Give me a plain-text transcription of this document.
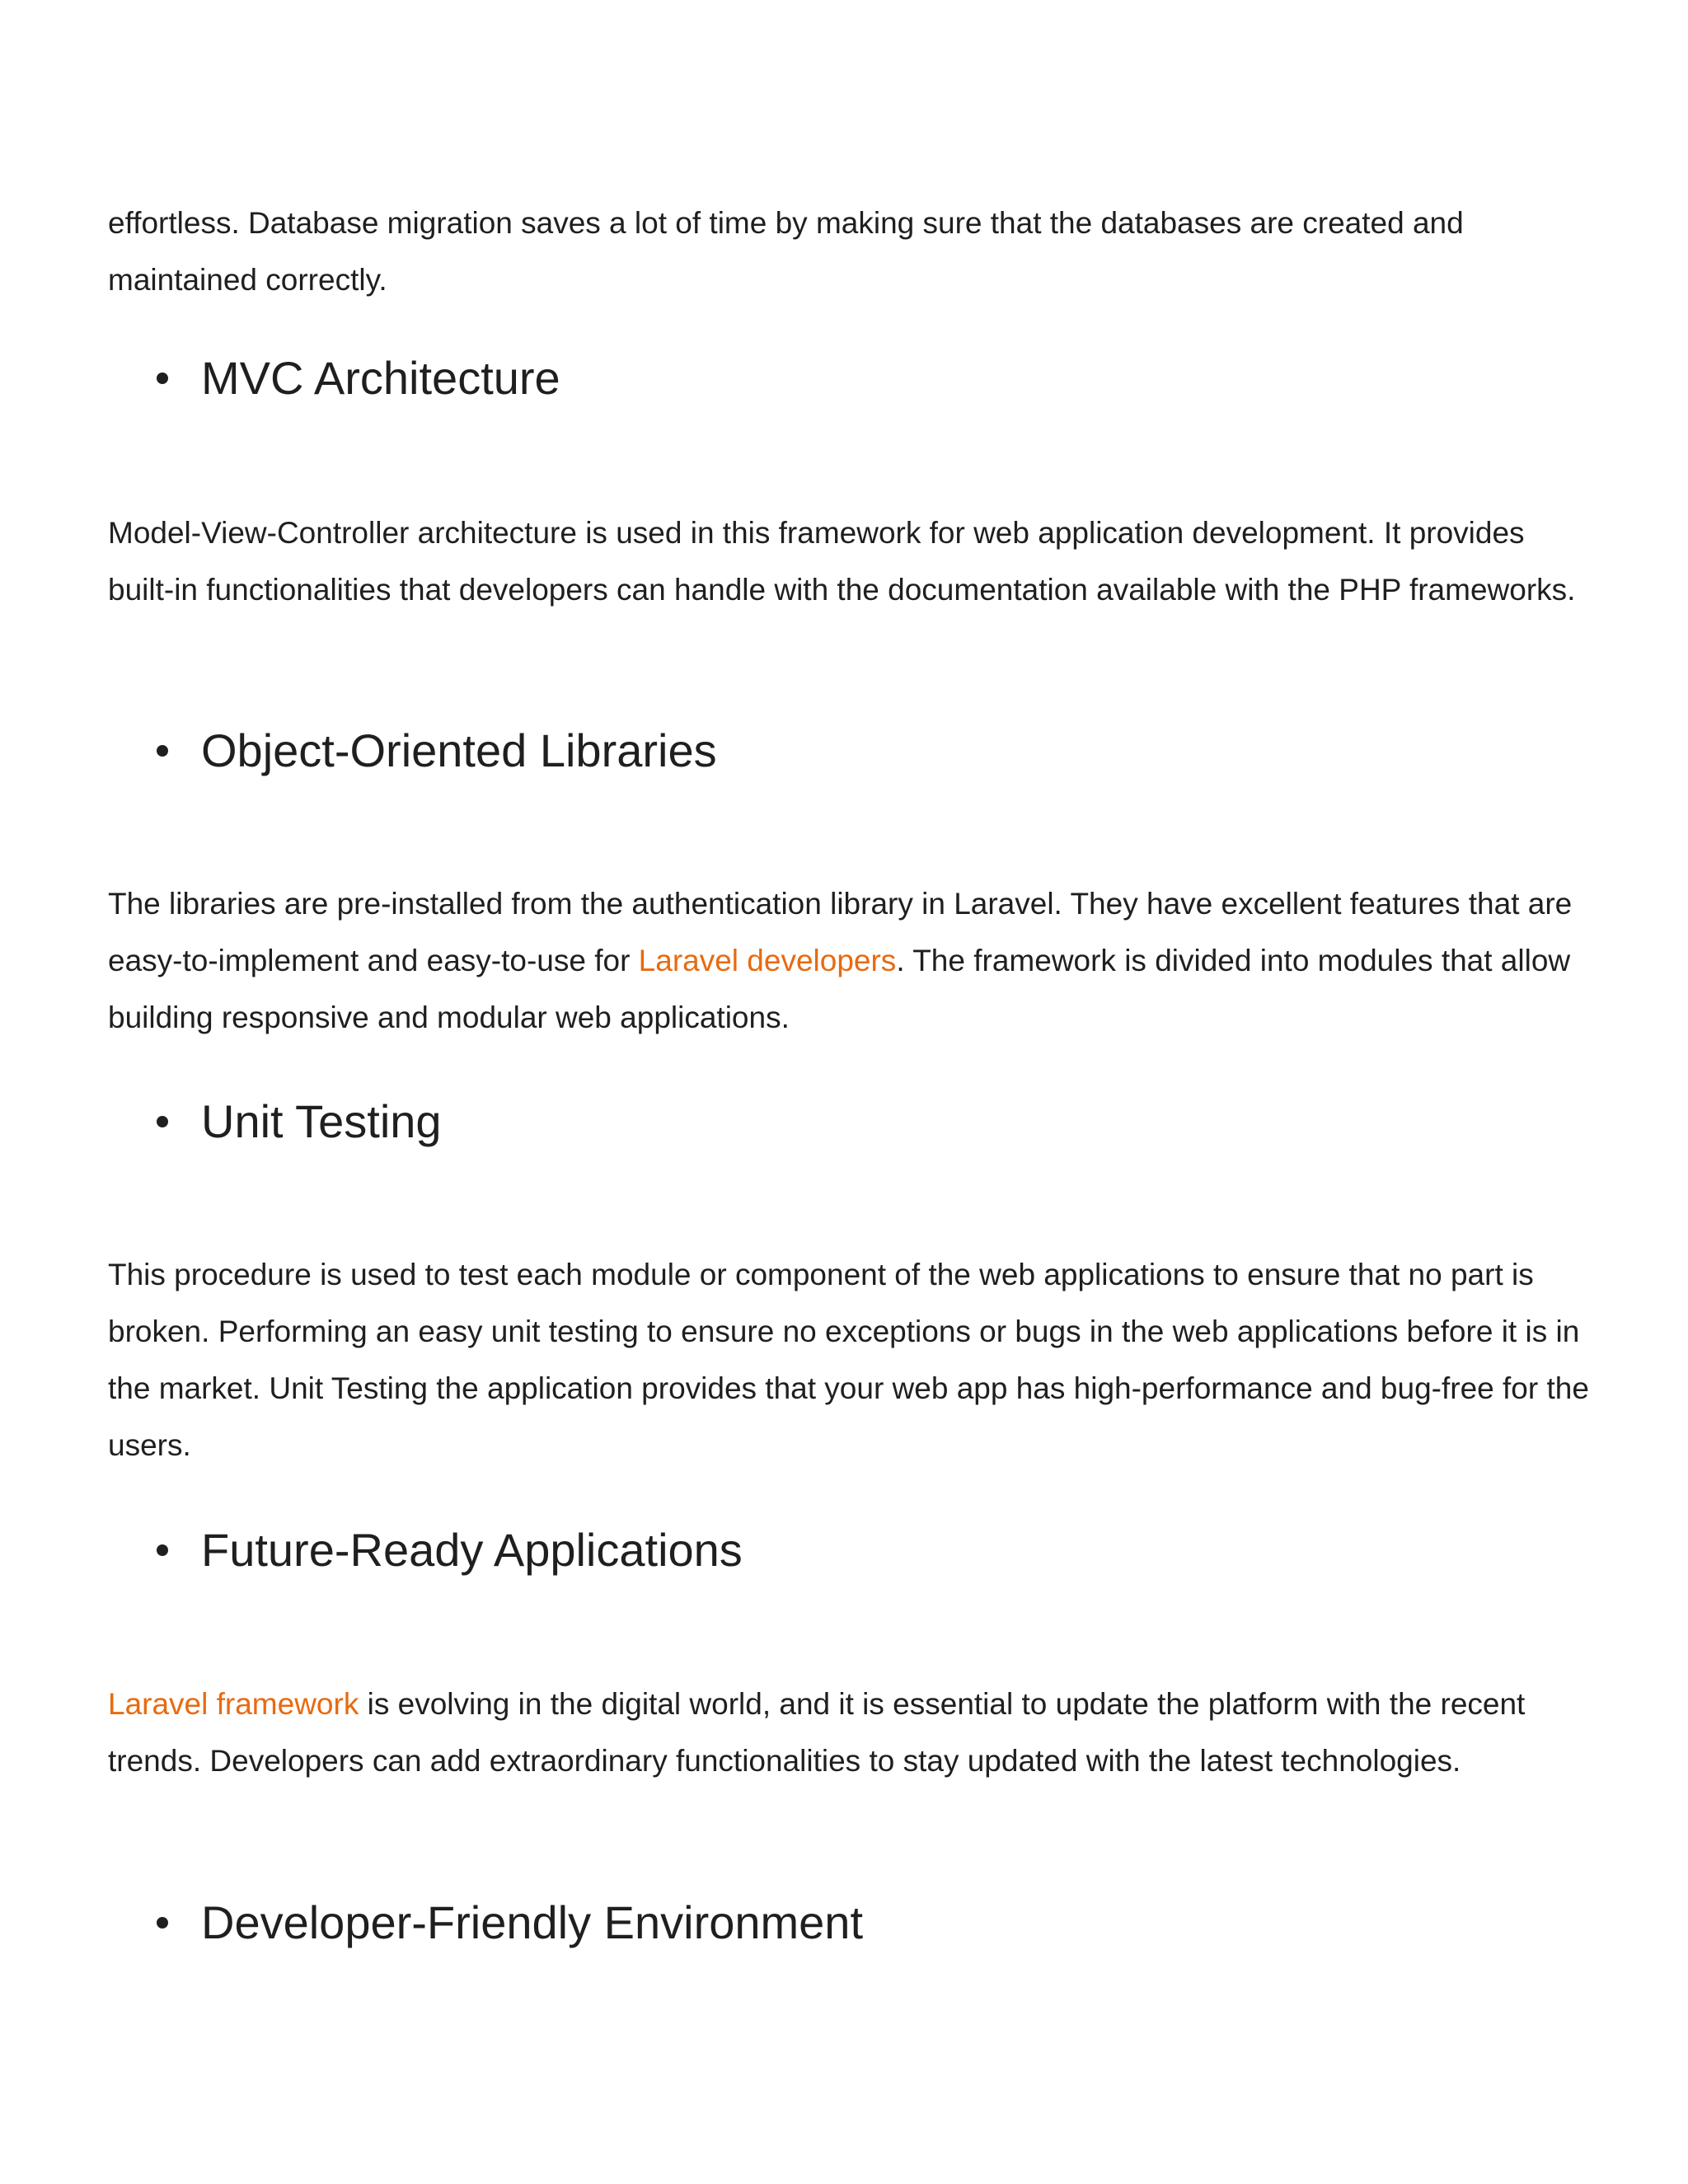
effortless. Database migration saves a lot of time by making sure that the databases are created and maintained correctly.

MVC Architecture

Model-View-Controller architecture is used in this framework for web application development. It provides built-in functionalities that developers can handle with the documentation available with the PHP frameworks.

Object-Oriented Libraries

The libraries are pre-installed from the authentication library in Laravel. They have excellent features that are easy-to-implement and easy-to-use for Laravel developers. The framework is divided into modules that allow building responsive and modular web applications.

Unit Testing

This procedure is used to test each module or component of the web applications to ensure that no part is broken. Performing an easy unit testing to ensure no exceptions or bugs in the web applications before it is in the market. Unit Testing the application provides that your web app has high-performance and bug-free for the users.

Future-Ready Applications

Laravel framework is evolving in the digital world, and it is essential to update the platform with the recent trends. Developers can add extraordinary functionalities to stay updated with the latest technologies.

Developer-Friendly Environment
